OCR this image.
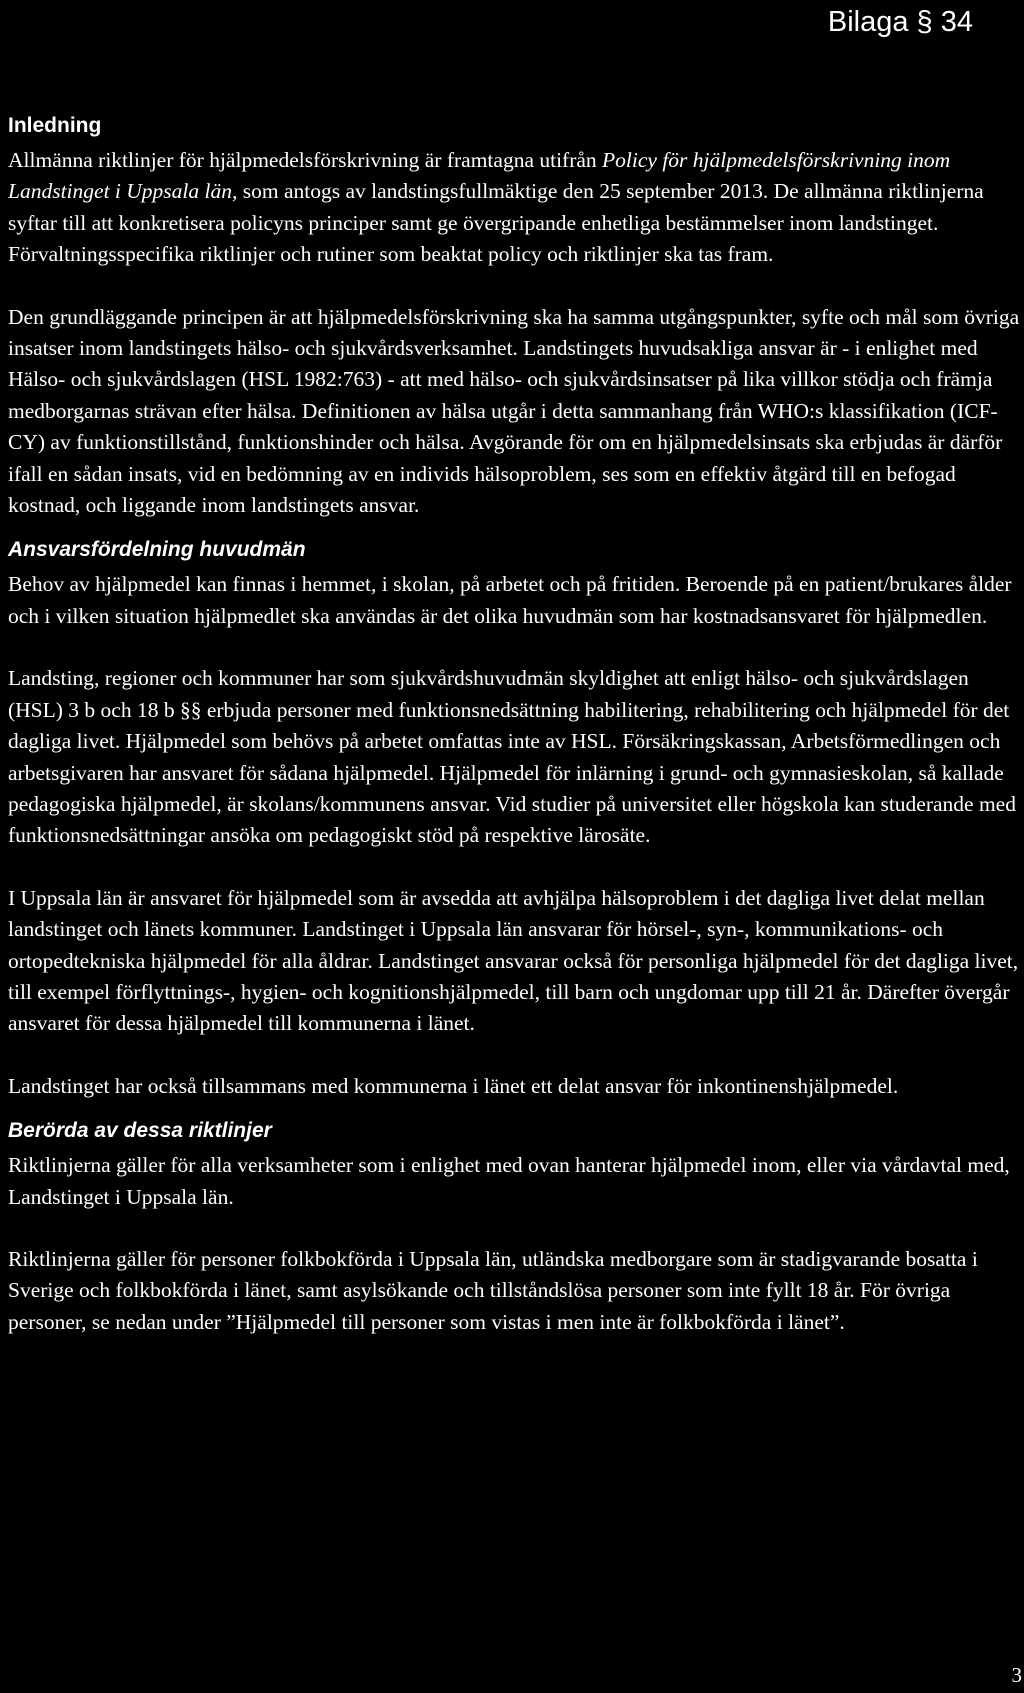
Bilaga § 34
Inledning

Allmänna riktlinjer för hjälpmedelsförskrivning är framtagna utifrån Policy för hjälpmedelsförskrivning inom Landstinget i Uppsala län, som antogs av landstingsfullmäktige den 25 september 2013. De allmänna riktlinjerna syftar till att konkretisera policyns principer samt ge övergripande enhetliga bestämmelser inom landstinget. Förvaltningsspecifika riktlinjer och rutiner som beaktat policy och riktlinjer ska tas fram.

Den grundläggande principen är att hjälpmedelsförskrivning ska ha samma utgångspunkter, syfte och mål som övriga insatser inom landstingets hälso- och sjukvårdsverksamhet. Landstingets huvudsakliga ansvar är - i enlighet med Hälso- och sjukvårdslagen (HSL 1982:763) - att med hälso- och sjukvårdsinsatser på lika villkor stödja och främja medborgarnas strävan efter hälsa. Definitionen av hälsa utgår i detta sammanhang från WHO:s klassifikation (ICF-CY) av funktionstillstånd, funktionshinder och hälsa. Avgörande för om en hjälpmedelsinsats ska erbjudas är därför ifall en sådan insats, vid en bedömning av en individs hälsoproblem, ses som en effektiv åtgärd till en befogad kostnad, och liggande inom landstingets ansvar.

Ansvarsfördelning huvudmän

Behov av hjälpmedel kan finnas i hemmet, i skolan, på arbetet och på fritiden. Beroende på en patient/brukares ålder och i vilken situation hjälpmedlet ska användas är det olika huvudmän som har kostnadsansvaret för hjälpmedlen.

Landsting, regioner och kommuner har som sjukvårdshuvudmän skyldighet att enligt hälso- och sjukvårdslagen (HSL) 3 b och 18 b §§ erbjuda personer med funktionsnedsättning habilitering, rehabilitering och hjälpmedel för det dagliga livet. Hjälpmedel som behövs på arbetet omfattas inte av HSL. Försäkringskassan, Arbetsförmedlingen och arbetsgivaren har ansvaret för sådana hjälpmedel. Hjälpmedel för inlärning i grund- och gymnasieskolan, så kallade pedagogiska hjälpmedel, är skolans/kommunens ansvar. Vid studier på universitet eller högskola kan studerande med funktionsnedsättningar ansöka om pedagogiskt stöd på respektive lärosäte.

I Uppsala län är ansvaret för hjälpmedel som är avsedda att avhjälpa hälsoproblem i det dagliga livet delat mellan landstinget och länets kommuner. Landstinget i Uppsala län ansvarar för hörsel-, syn-, kommunikations- och ortopedtekniska hjälpmedel för alla åldrar. Landstinget ansvarar också för personliga hjälpmedel för det dagliga livet, till exempel förflyttnings-, hygien- och kognitionshjälpmedel, till barn och ungdomar upp till 21 år. Därefter övergår ansvaret för dessa hjälpmedel till kommunerna i länet.

Landstinget har också tillsammans med kommunerna i länet ett delat ansvar för inkontinenshjälpmedel.

Berörda av dessa riktlinjer

Riktlinjerna gäller för alla verksamheter som i enlighet med ovan hanterar hjälpmedel inom, eller via vårdavtal med, Landstinget i Uppsala län.

Riktlinjerna gäller för personer folkbokförda i Uppsala län, utländska medborgare som är stadigvarande bosatta i Sverige och folkbokförda i länet, samt asylsökande och tillståndslösa personer som inte fyllt 18 år. För övriga personer, se nedan under ”Hjälpmedel till personer som vistas i men inte är folkbokförda i länet”.

3
